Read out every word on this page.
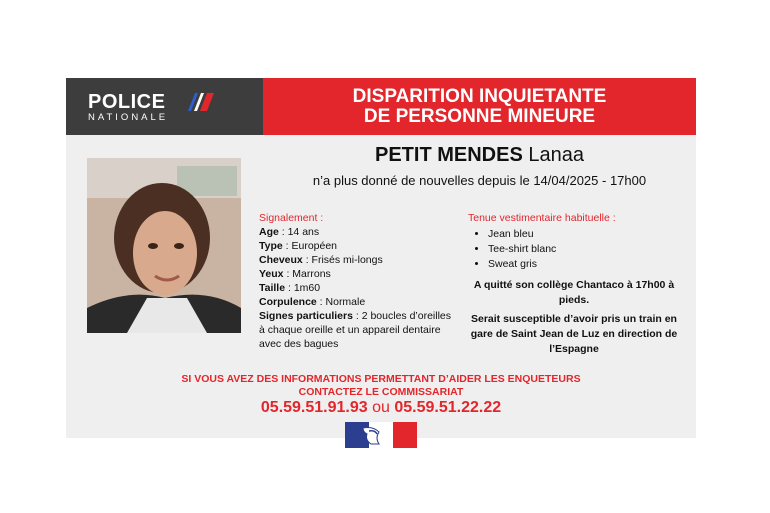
POLICE
NATIONALE
DISPARITION INQUIETANTE
DE PERSONNE MINEURE
PETIT MENDES Lanaa
n’a plus donné de nouvelles depuis le 14/04/2025 - 17h00
Signalement :
Age : 14 ans
Type : Européen
Cheveux : Frisés mi-longs
Yeux : Marrons
Taille : 1m60
Corpulence : Normale
Signes particuliers : 2 boucles d’oreilles à chaque oreille et un appareil dentaire avec des bagues
Tenue vestimentaire habituelle :
• Jean bleu
• Tee-shirt blanc
• Sweat gris

A quitté son collège Chantaco à 17h00 à pieds.

Serait susceptible d’avoir pris un train en gare de Saint Jean de Luz en direction de l’Espagne

SI VOUS AVEZ DES INFORMATIONS PERMETTANT D’AIDER LES ENQUETEURS
CONTACTEZ LE COMMISSARIAT
05.59.51.91.93 ou 05.59.51.22.22
